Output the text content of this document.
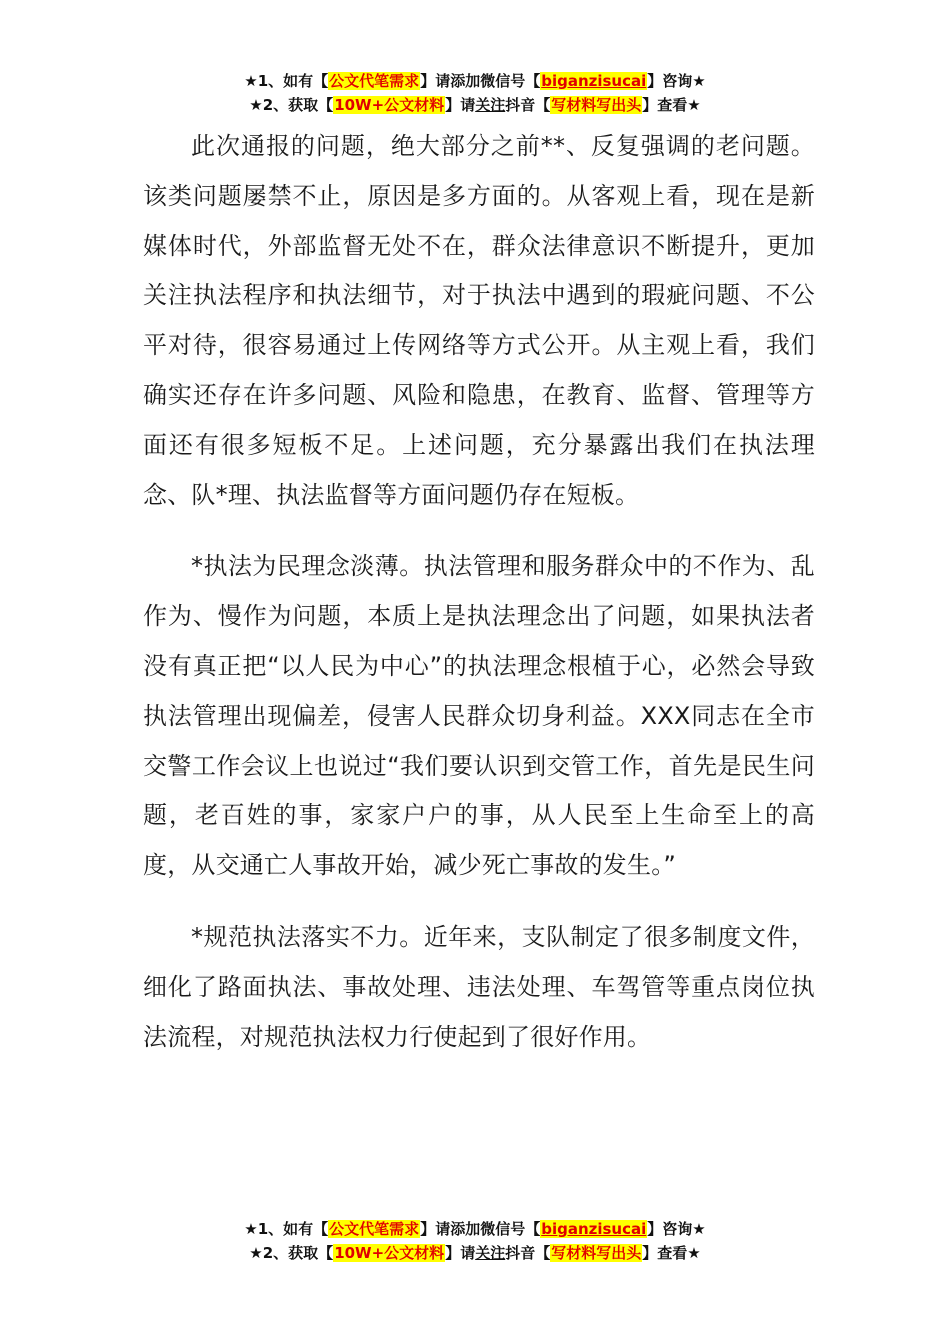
★1、如有【公文代笔需求】请添加微信号【biganzisucai】咨询★
★2、获取【10W+公文材料】请关注抖音【写材料写出头】查看★

此次通报的问题，绝大部分之前**、反复强调的老问题。该类问题屡禁不止，原因是多方面的。从客观上看，现在是新媒体时代，外部监督无处不在，群众法律意识不断提升，更加关注执法程序和执法细节，对于执法中遇到的瑕疵问题、不公平对待，很容易通过上传网络等方式公开。从主观上看，我们确实还存在许多问题、风险和隐患，在教育、监督、管理等方面还有很多短板不足。上述问题，充分暴露出我们在执法理念、队*理、执法监督等方面问题仍存在短板。

*执法为民理念淡薄。执法管理和服务群众中的不作为、乱作为、慢作为问题，本质上是执法理念出了问题，如果执法者没有真正把“以人民为中心”的执法理念根植于心，必然会导致执法管理出现偏差，侵害人民群众切身利益。XXX同志在全市交警工作会议上也说过“我们要认识到交管工作，首先是民生问题，老百姓的事，家家户户的事，从人民至上生命至上的高度，从交通亡人事故开始，减少死亡事故的发生。”

*规范执法落实不力。近年来，支队制定了很多制度文件，细化了路面执法、事故处理、违法处理、车驾管等重点岗位执法流程，对规范执法权力行使起到了很好作用。

★1、如有【公文代笔需求】请添加微信号【biganzisucai】咨询★
★2、获取【10W+公文材料】请关注抖音【写材料写出头】查看★
